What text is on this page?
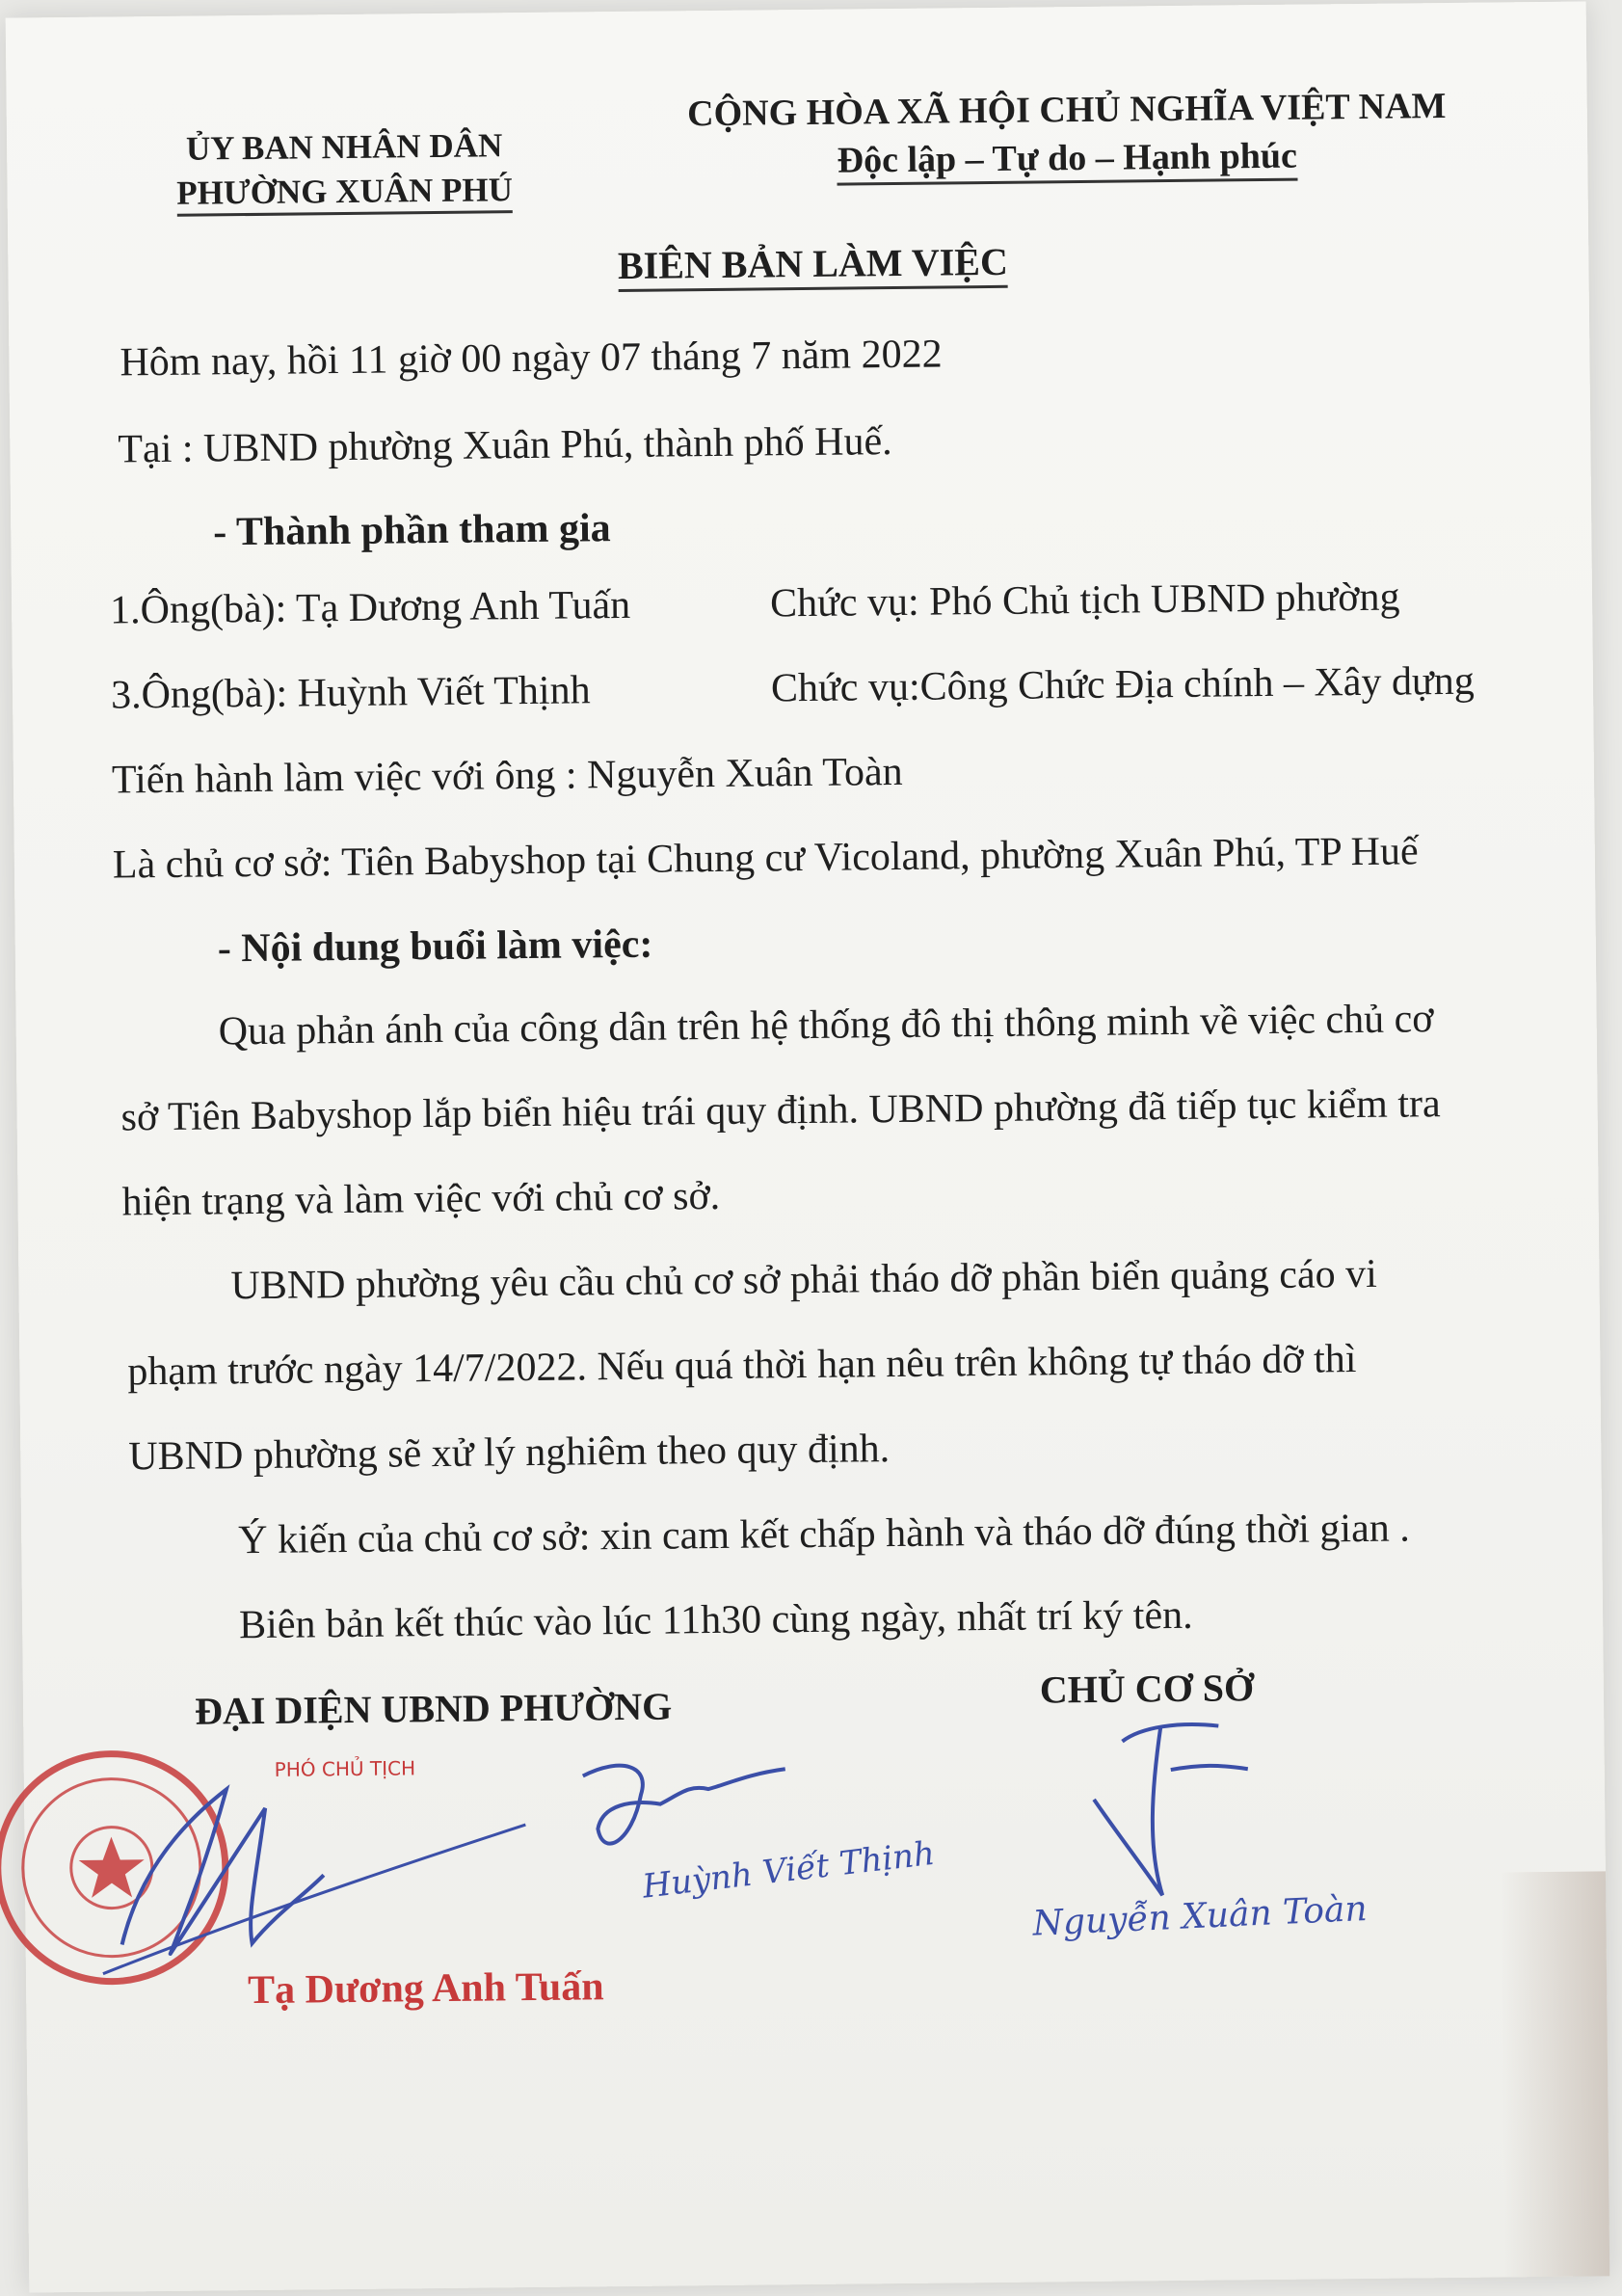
ỦY BAN NHÂN DÂN
PHƯỜNG XUÂN PHÚ
CỘNG HÒA XÃ HỘI CHỦ NGHĨA VIỆT NAM
Độc lập – Tự do – Hạnh phúc
BIÊN BẢN LÀM VIỆC
Hôm nay, hồi 11 giờ 00 ngày 07 tháng 7 năm 2022
Tại : UBND phường Xuân Phú, thành phố Huế.
- Thành phần tham gia
1.Ông(bà): Tạ Dương Anh Tuấn	Chức vụ: Phó Chủ tịch UBND phường
3.Ông(bà): Huỳnh Viết Thịnh	Chức vụ:Công Chức Địa chính – Xây dựng
Tiến hành làm việc với ông : Nguyễn Xuân Toàn
Là chủ cơ sở: Tiên Babyshop tại Chung cư Vicoland, phường Xuân Phú, TP Huế
- Nội dung buổi làm việc:
Qua phản ánh của công dân trên hệ thống đô thị thông minh về việc chủ cơ
sở Tiên Babyshop lắp biển hiệu trái quy định. UBND phường đã tiếp tục kiểm tra
hiện trạng và làm việc với chủ cơ sở.
UBND phường yêu cầu chủ cơ sở phải tháo dỡ phần biển quảng cáo vi
phạm trước ngày 14/7/2022. Nếu quá thời hạn nêu trên không tự tháo dỡ thì
UBND phường sẽ xử lý nghiêm theo quy định.
Ý kiến của chủ cơ sở: xin cam kết chấp hành và tháo dỡ đúng thời gian .
Biên bản kết thúc vào lúc 11h30 cùng ngày, nhất trí ký tên.
ĐẠI DIỆN UBND PHƯỜNG	CHỦ CƠ SỞ
PHÓ CHỦ TỊCH
Huỳnh Viết Thịnh
Nguyễn Xuân Toàn
Tạ Dương Anh Tuấn
